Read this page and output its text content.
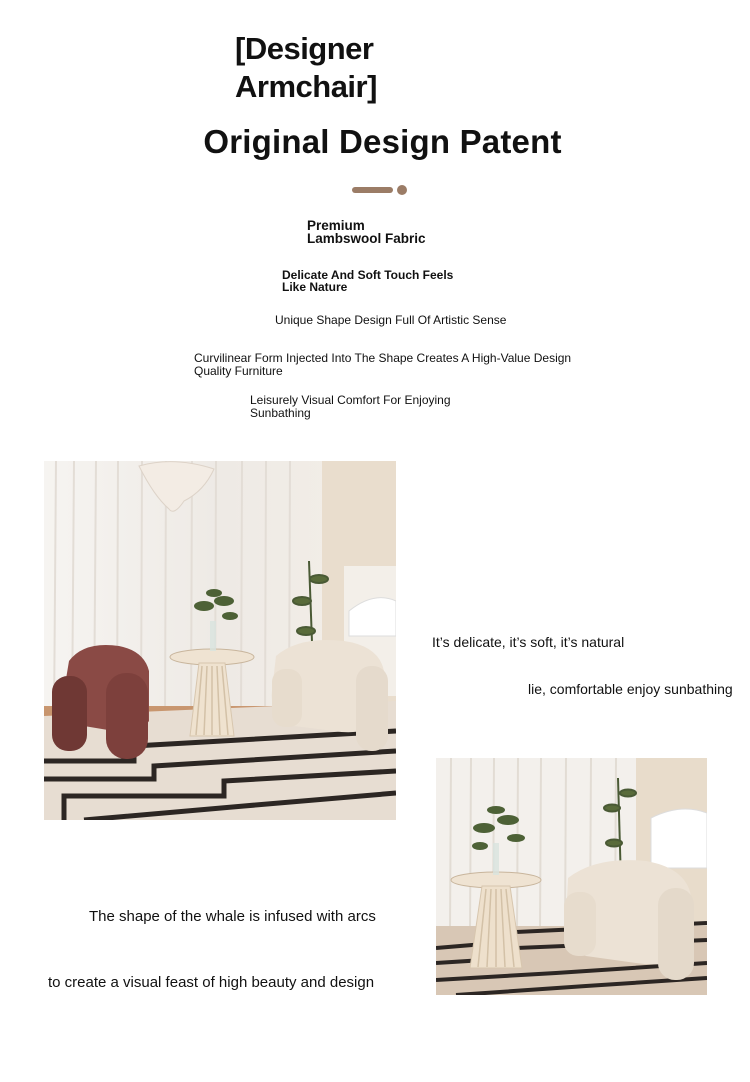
[Designer
Armchair]
Original Design Patent
Premium
Lambswool Fabric
Delicate And Soft Touch Feels
Like Nature
Unique Shape Design Full Of Artistic Sense
Curvilinear Form Injected Into The Shape Creates A High-Value Design
Quality Furniture
Leisurely Visual Comfort For Enjoying
Sunbathing
It’s delicate, it’s soft, it’s natural
lie, comfortable enjoy sunbathing
The shape of the whale is infused with arcs
to create a visual feast of high beauty and design
